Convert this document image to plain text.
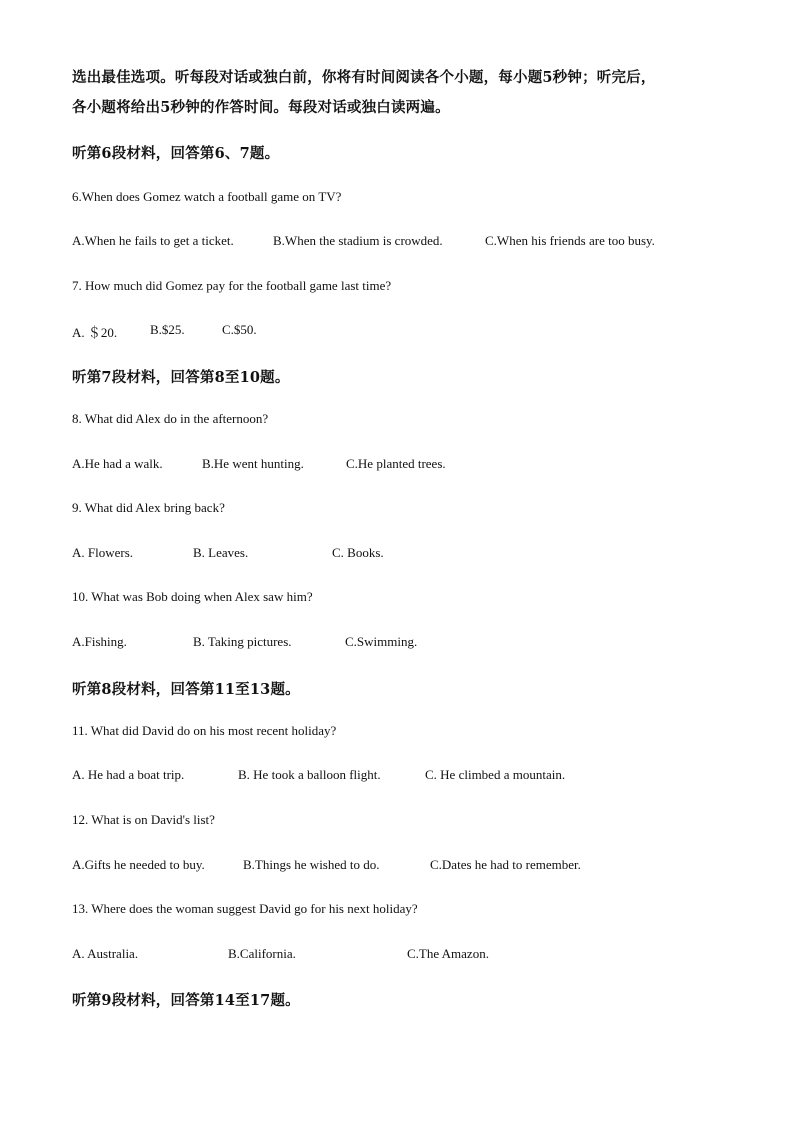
选出最佳选项。听每段对话或独白前，你将有时间阅读各个小题，每小题5秒钟；听完后，
各小题将给出5秒钟的作答时间。每段对话或独白读两遍。
听第6段材料，回答第6、7题。
6.When does Gomez watch a football game on TV?
A.When he fails to get a ticket.	B.When the stadium is crowded.	C.When his friends are too busy.
7. How much did Gomez pay for the football game last time?
A. ＄20.	B.$25.	C.$50.
听第7段材料，回答第8至10题。
8. What did Alex do in the afternoon?
A.He had a walk.	B.He went hunting.	C.He planted trees.
9. What did Alex bring back?
A. Flowers.	B. Leaves.	C. Books.
10. What was Bob doing when Alex saw him?
A.Fishing.	B. Taking pictures.	C.Swimming.
听第8段材料，回答第11至13题。
11. What did David do on his most recent holiday?
A. He had a boat trip.	B. He took a balloon flight.	C. He climbed a mountain.
12. What is on David's list?
A.Gifts he needed to buy.	B.Things he wished to do.	C.Dates he had to remember.
13. Where does the woman suggest David go for his next holiday?
A. Australia.	B.California.	C.The Amazon.
听第9段材料，回答第14至17题。
